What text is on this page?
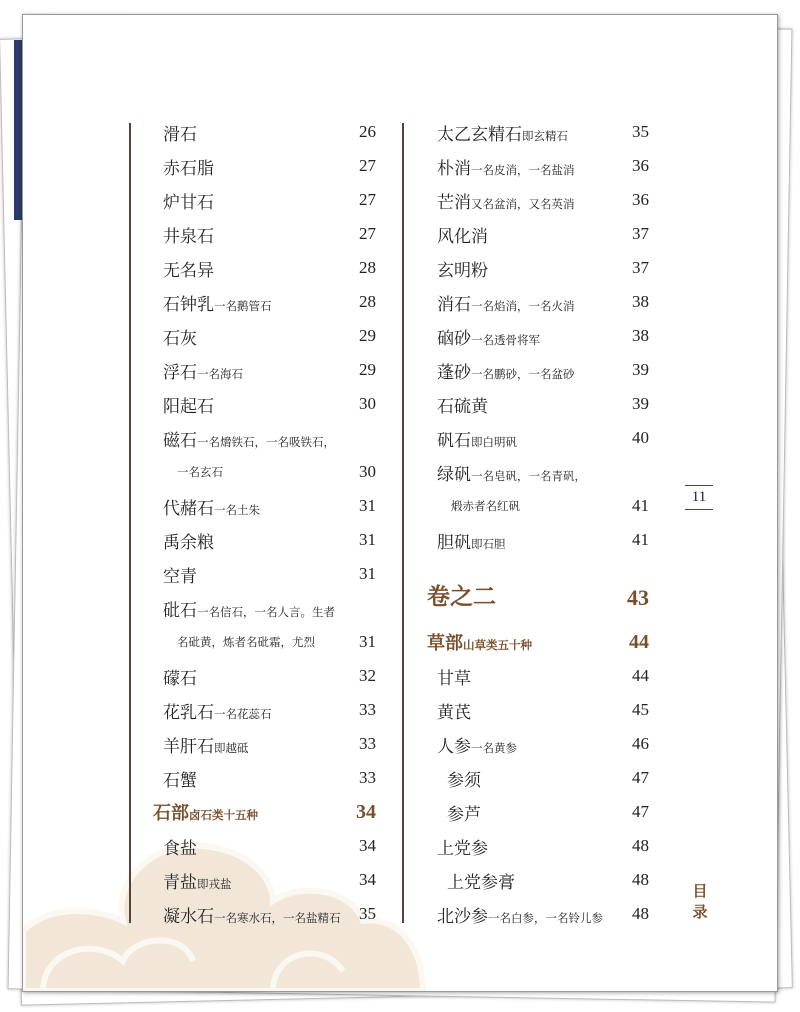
滑石	26
赤石脂	27
炉甘石	27
井泉石	27
无名异	28
石钟乳一名鹅管石	28
石灰	29
浮石一名海石	29
阳起石	30
磁石一名熁铁石，一名吸铁石，
一名玄石	30
代赭石一名土朱	31
禹余粮	31
空青	31
砒石一名信石，一名人言。生者
名砒黄，炼者名砒霜，尤烈	31
礞石	32
花乳石一名花蕊石	33
羊肝石即越砥	33
石蟹	33
石部卤石类十五种	34
食盐	34
青盐即戎盐	34
凝水石一名寒水石，一名盐精石 35
太乙玄精石即玄精石	35
朴消一名皮消，一名盐消	36
芒消又名盆消，又名英消	36
风化消	37
玄明粉	37
消石一名焰消，一名火消	38
硇砂一名透骨将军	38
蓬砂一名鹏砂，一名盆砂	39
石硫黄	39
矾石即白明矾	40
绿矾一名皂矾，一名青矾，
煅赤者名红矾	41
胆矾即石胆	41
卷之二	43
草部山草类五十种	44
甘草	44
黄芪	45
人参一名黄参	46
参须	47
参芦	47
上党参	48
上党参膏	48
北沙参一名白参，一名铃儿参 48
11
目录
